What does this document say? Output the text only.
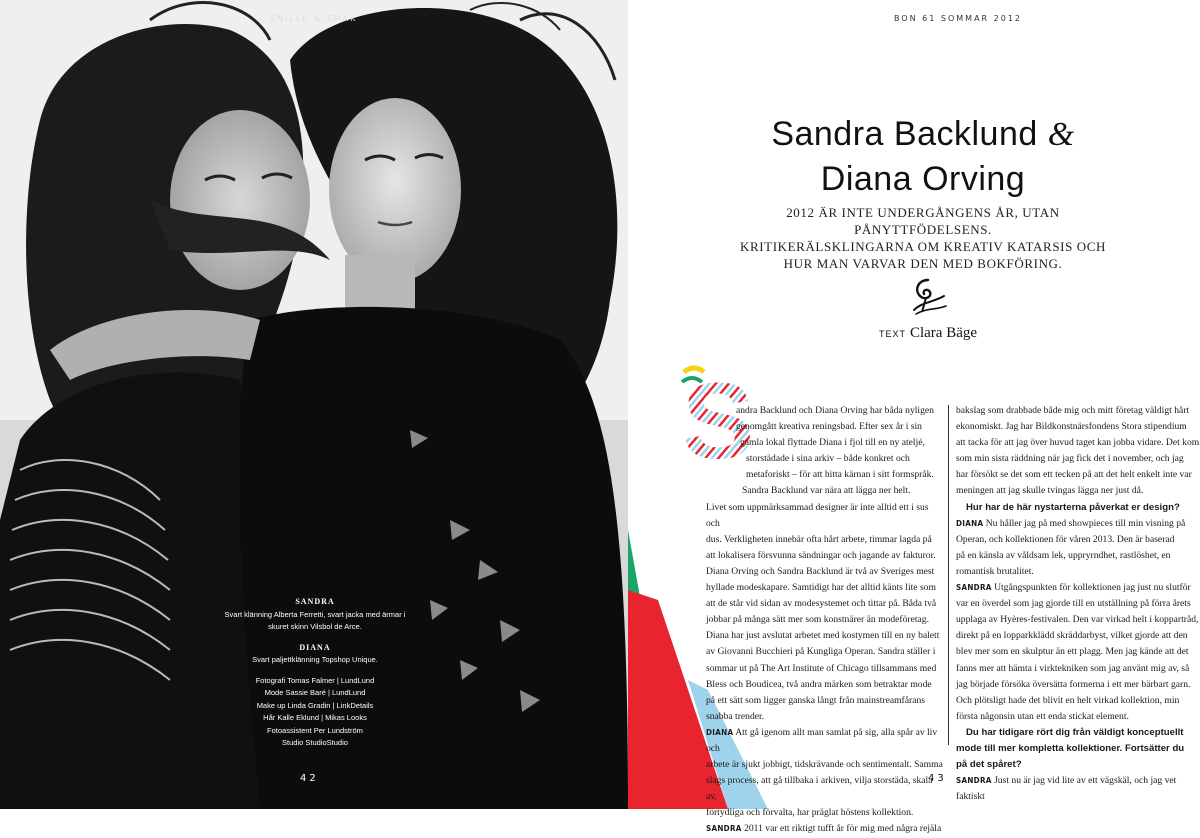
SNILLE & SMAK
SANDRA
Svart klänning Alberta Ferretti, svart jacka med ärmar i
skuret skinn Vilsbol de Arce.
DIANA
Svart paljettklänning Topshop Unique.
Fotografi Tomas Falmer | LundLund
Mode Sassie Baré | LundLund
Make up Linda Gradin | LinkDetails
Hår Kalle Eklund | Mikas Looks
Fotoassistent Per Lundström
Studio StudioStudio
42
BON 61 SOMMAR 2012
Sandra Backlund &
Diana Orving
2012 ÄR INTE UNDERGÅNGENS ÅR, UTAN PÅNYTTFÖDELSENS.
KRITIKERÄLSKLINGARNA OM KREATIV KATARSIS OCH
HUR MAN VARVAR DEN MED BOKFÖRING.
TEXT Clara Bäge
S

andra Backlund och Diana Orving har båda nyligen

genomgått kreativa reningsbad. Efter sex år i sin

gamla lokal flyttade Diana i fjol till en ny ateljé,

storstädade i sina arkiv – både konkret och

metaforiskt – för att hitta kärnan i sitt formspråk.

Sandra Backlund var nära att lägga ner helt.

Livet som uppmärksammad designer är inte alltid ett i sus och

dus. Verkligheten innebär ofta hårt arbete, timmar lagda på

att lokalisera försvunna sändningar och jagande av fakturor.

Diana Orving och Sandra Backlund är två av Sveriges mest

hyllade modeskapare. Samtidigt har det alltid känts lite som

att de står vid sidan av modesystemet och tittar på. Båda två

jobbar på många sätt mer som konstnärer än modeföretag.

Diana har just avslutat arbetet med kostymen till en ny balett

av Giovanni Bucchieri på Kungliga Operan. Sandra ställer i

sommar ut på The Art Institute of Chicago tillsammans med

Bless och Boudicea, två andra märken som betraktar mode

på ett sätt som ligger ganska långt från mainstreamfårans

snabba trender.

DIANA Att gå igenom allt man samlat på sig, alla spår av liv och

arbete är sjukt jobbigt, tidskrävande och sentimentalt. Samma

slags process, att gå tillbaka i arkiven, vilja storstäda, skala av,

förtydliga och förvalta, har präglat höstens kollektion.

SANDRA 2011 var ett riktigt tufft år för mig med några rejäla

bakslag som drabbade både mig och mitt företag väldigt hårt

ekonomiskt. Jag har Bildkonstnärsfondens Stora stipendium

att tacka för att jag över huvud taget kan jobba vidare. Det kom

som min sista räddning när jag fick det i november, och jag

har försökt se det som ett tecken på att det helt enkelt inte var

meningen att jag skulle tvingas lägga ner just då.

Hur har de här nystarterna påverkat er design?

DIANA Nu håller jag på med showpieces till min visning på

Operan, och kollektionen för våren 2013. Den är baserad

på en känsla av våldsam lek, uppryrndhet, rastlöshet, en

romantisk brutalitet.

SANDRA Utgångspunkten för kollektionen jag just nu slutför

var en överdel som jag gjorde till en utställning på förra årets

upplaga av Hyères-festivalen. Den var virkad helt i koppartråd,

direkt på en lopparkklädd skräddarbyst, vilket gjorde att den

blev mer som en skulptur än ett plagg. Men jag kände att det

fanns mer att hämta i virktekniken som jag använt mig av, så

jag började försöka översätta formerna i ett mer bärbart garn.

Och plötsligt hade det blivit en helt virkad kollektion, min

första någonsin utan ett enda stickat element.

Du har tidigare rört dig från väldigt konceptuellt

mode till mer kompletta kollektioner. Fortsätter du

på det spåret?

SANDRA Just nu är jag vid lite av ett vägskäl, och jag vet faktiskt

43
